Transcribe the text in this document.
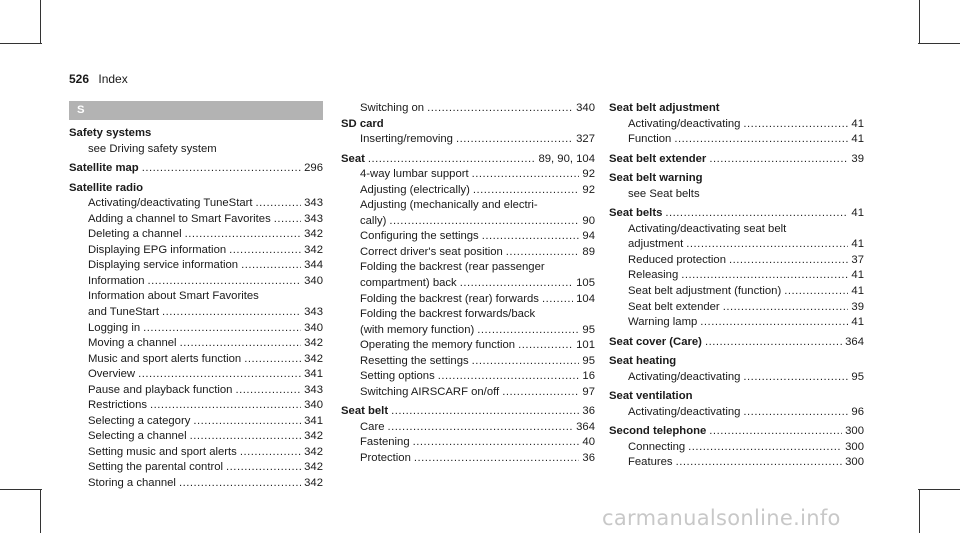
526 Index
S
Safety systems
see Driving safety system
Satellite map .....	296
Satellite radio
Activating/deactivating TuneStart .....	343
Adding a channel to Smart Favorites .....	343
Deleting a channel .....	342
Displaying EPG information .....	342
Displaying service information .....	344
Information .....	340
Information about Smart Favorites
and TuneStart .....	343
Logging in .....	340
Moving a channel .....	342
Music and sport alerts function .....	342
Overview .....	341
Pause and playback function .....	343
Restrictions .....	340
Selecting a category .....	341
Selecting a channel .....	342
Setting music and sport alerts .....	342
Setting the parental control .....	342
Storing a channel .....	342
Switching on .....	340
SD card
Inserting/removing .....	327
Seat .....	89, 90, 104
4-way lumbar support .....	92
Adjusting (electrically) .....	92
Adjusting (mechanically and electri-
cally) .....	90
Configuring the settings .....	94
Correct driver's seat position .....	89
Folding the backrest (rear passenger
compartment) back .....	105
Folding the backrest (rear) forwards .....	104
Folding the backrest forwards/back
(with memory function) .....	95
Operating the memory function .....	101
Resetting the settings .....	95
Setting options .....	16
Switching AIRSCARF on/off .....	97
Seat belt .....	36
Care .....	364
Fastening .....	40
Protection .....	36
Seat belt adjustment
Activating/deactivating .....	41
Function .....	41
Seat belt extender .....	39
Seat belt warning
see Seat belts
Seat belts .....	41
Activating/deactivating seat belt
adjustment .....	41
Reduced protection .....	37
Releasing .....	41
Seat belt adjustment (function) .....	41
Seat belt extender .....	39
Warning lamp .....	41
Seat cover (Care) .....	364
Seat heating
Activating/deactivating .....	95
Seat ventilation
Activating/deactivating .....	96
Second telephone .....	300
Connecting .....	300
Features .....	300
carmanualsonline.info
